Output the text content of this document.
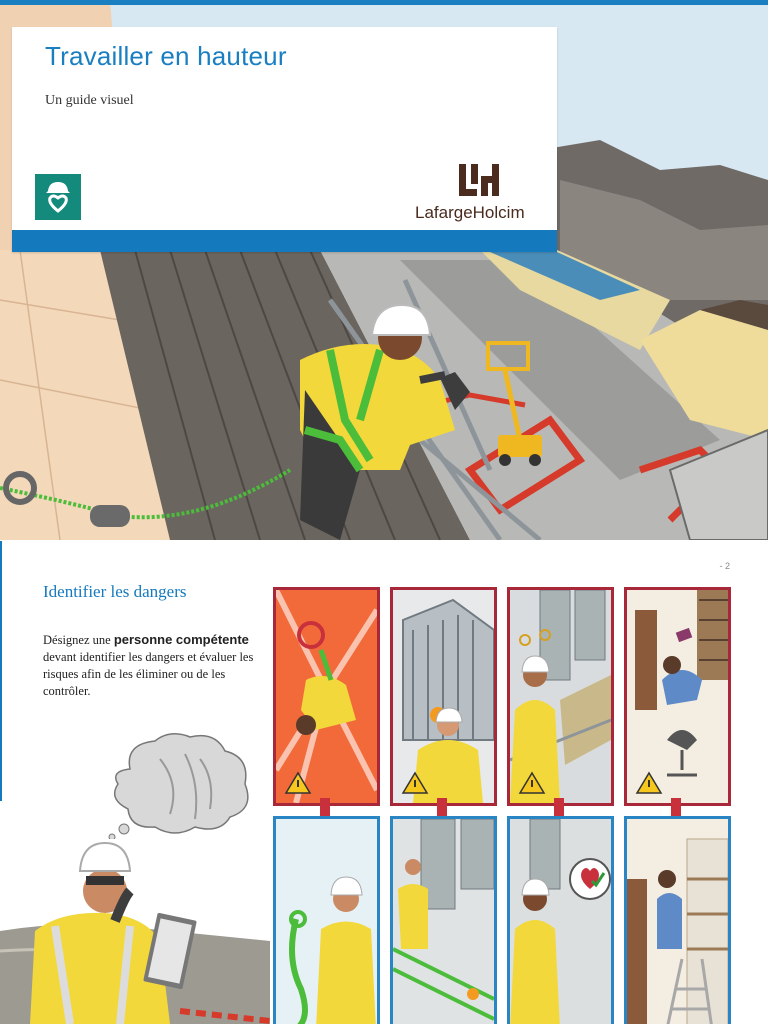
Travailler en hauteur

Un guide visuel

LafargeHolcim

- 2

Identifier les dangers

Désignez une personne compétente devant identifier les dangers et évaluer les risques afin de les éliminer ou de les contrôler.
